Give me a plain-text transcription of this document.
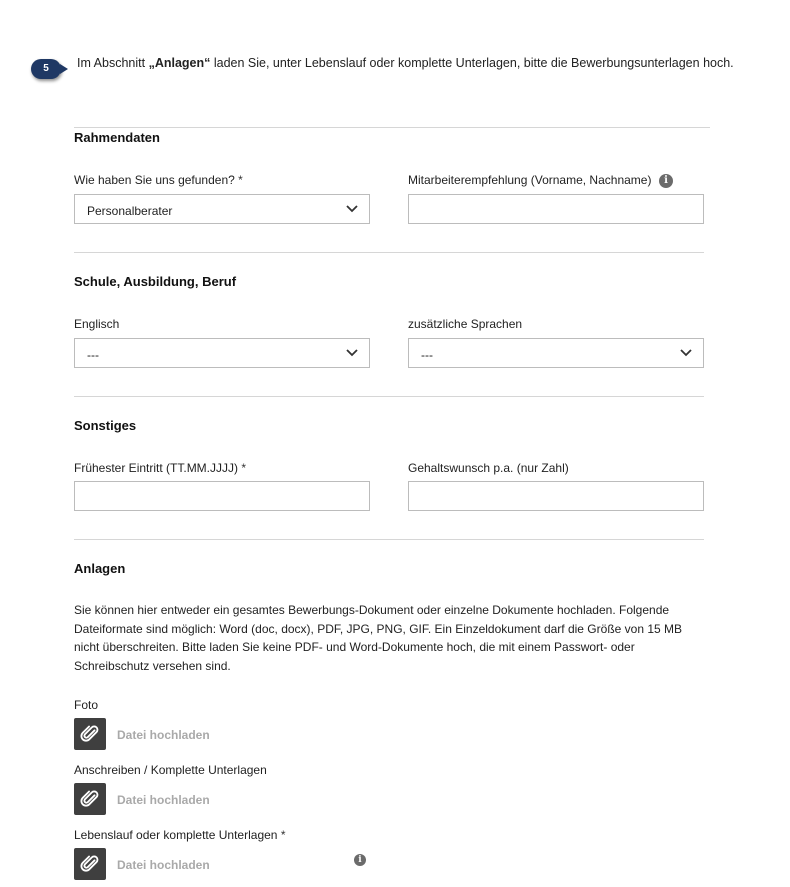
5	Im Abschnitt „Anlagen“ laden Sie, unter Lebenslauf oder komplette Unterlagen, bitte die Bewerbungsunterlagen hoch.
Rahmendaten
Wie haben Sie uns gefunden? *
Personalberater
Mitarbeiterempfehlung (Vorname, Nachname)	i
Schule, Ausbildung, Beruf
Englisch
---
zusätzliche Sprachen
---
Sonstiges
Frühester Eintritt (TT.MM.JJJJ) *	Gehaltswunsch p.a. (nur Zahl)
Anlagen
Sie können hier entweder ein gesamtes Bewerbungs-Dokument oder einzelne Dokumente hochladen. Folgende Dateiformate sind möglich: Word (doc, docx), PDF, JPG, PNG, GIF. Ein Einzeldokument darf die Größe von 15 MB nicht überschreiten. Bitte laden Sie keine PDF- und Word-Dokumente hoch, die mit einem Passwort- oder Schreibschutz versehen sind.
Foto
Datei hochladen
Anschreiben / Komplette Unterlagen
Datei hochladen
Lebenslauf oder komplette Unterlagen *
Datei hochladen	i
